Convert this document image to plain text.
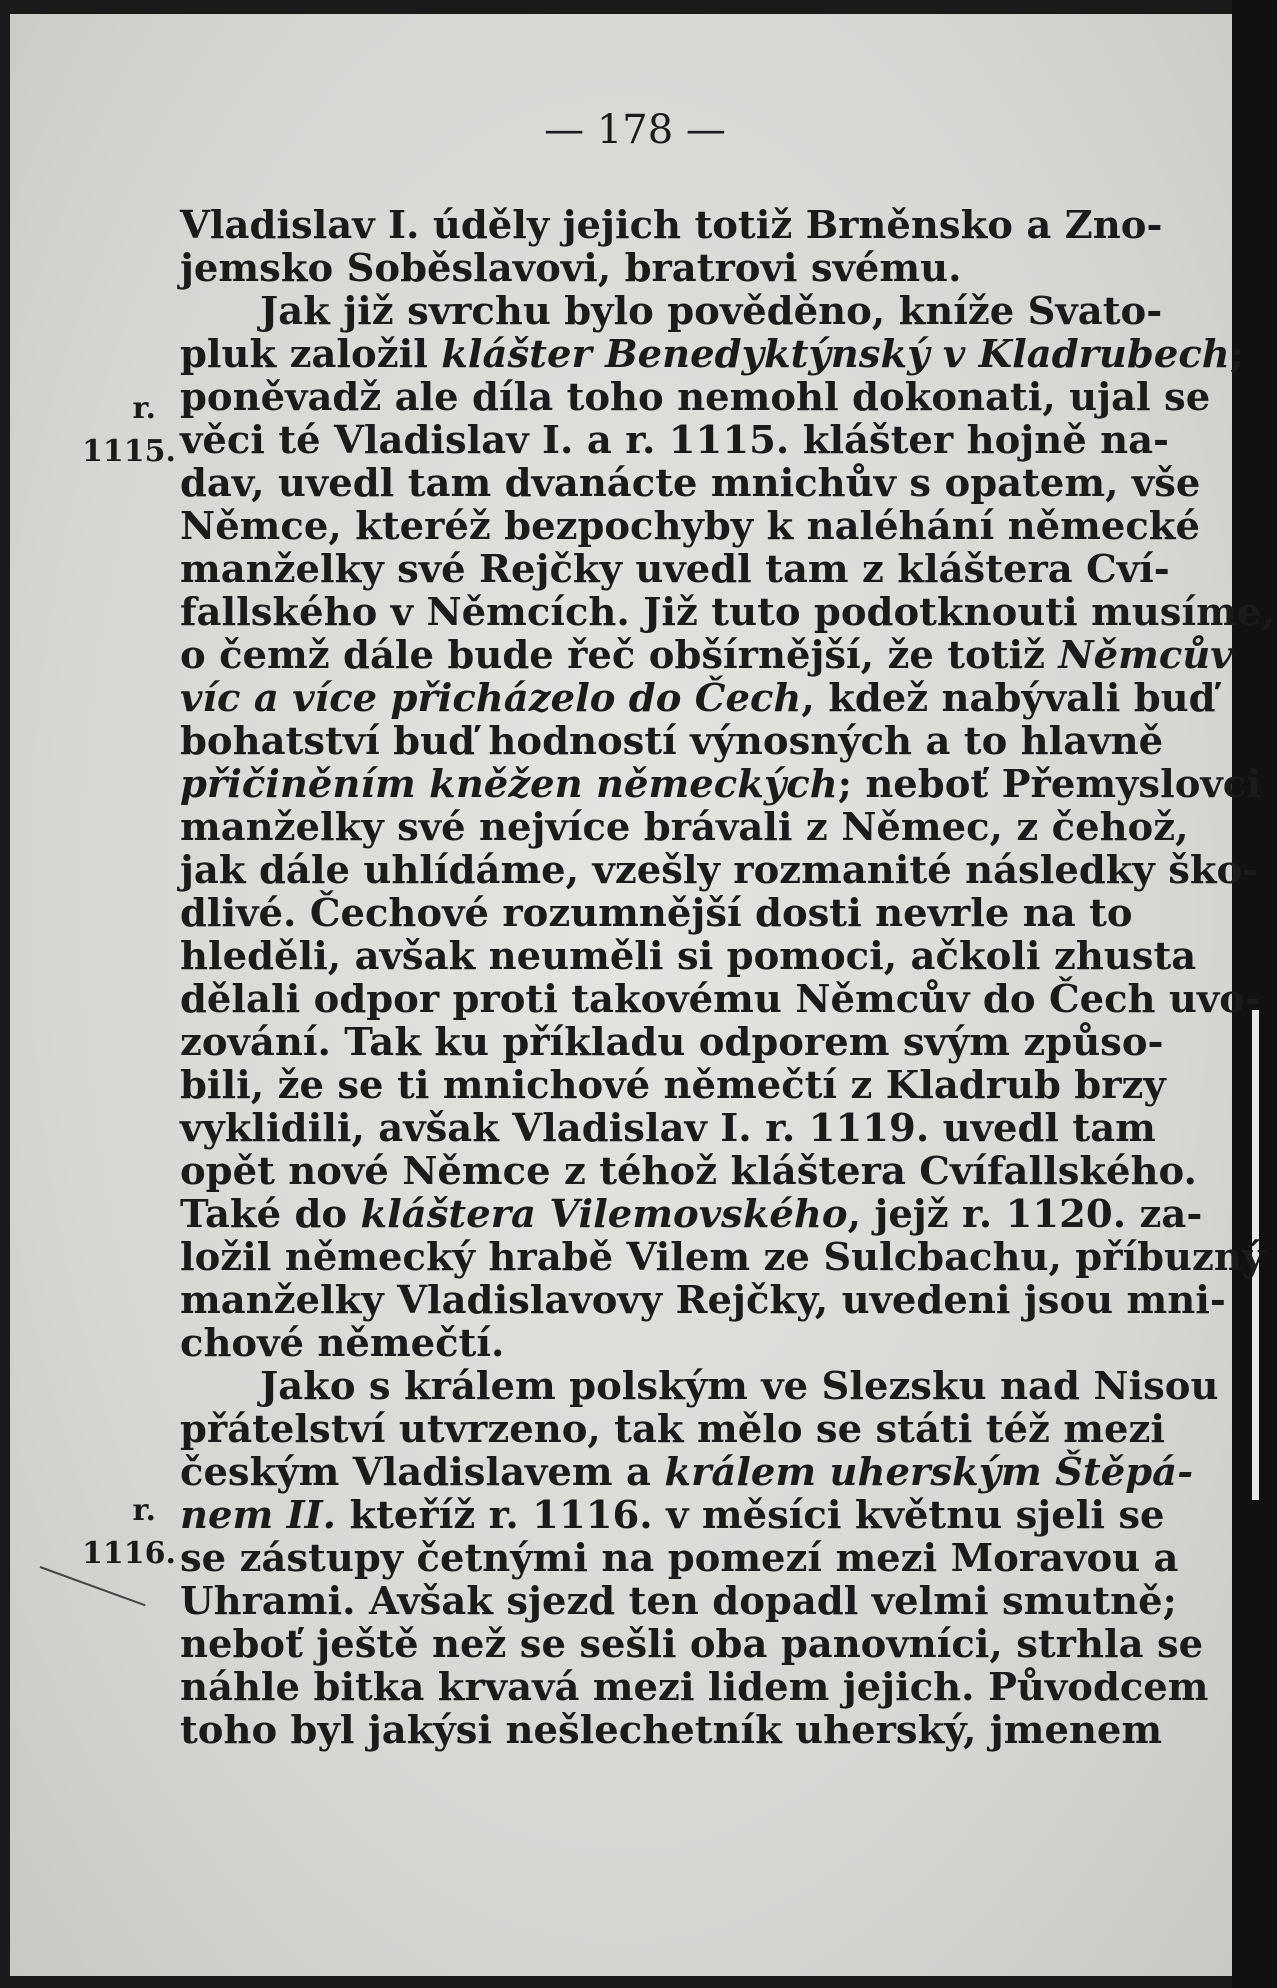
— 178 —
r.
1115.
r.
1116.
Vladislav I. úděly jejich totiž Brněnsko a Zno-
jemsko Soběslavovi, bratrovi svému.
Jak již svrchu bylo pověděno, kníže Svato-
pluk založil klášter Benedyktýnský v Kladrubech;
poněvadž ale díla toho nemohl dokonati, ujal se
věci té Vladislav I. a r. 1115. klášter hojně na-
dav, uvedl tam dvanácte mnichův s opatem, vše
Němce, kteréž bezpochyby k naléhání německé
manželky své Rejčky uvedl tam z kláštera Cví-
fallského v Němcích. Již tuto podotknouti musíme,
o čemž dále bude řeč obšírnější, že totiž Němcův
víc a více přicházelo do Čech, kdež nabývali buď
bohatství buď hodností výnosných a to hlavně
přičiněním kněžen německých; neboť Přemyslovci
manželky své nejvíce brávali z Němec, z čehož,
jak dále uhlídáme, vzešly rozmanité následky ško-
dlivé. Čechové rozumnější dosti nevrle na to
hleděli, avšak neuměli si pomoci, ačkoli zhusta
dělali odpor proti takovému Němcův do Čech uvo-
zování. Tak ku příkladu odporem svým způso-
bili, že se ti mnichové němečtí z Kladrub brzy
vyklidili, avšak Vladislav I. r. 1119. uvedl tam
opět nové Němce z téhož kláštera Cvífallského.
Také do kláštera Vilemovského, jejž r. 1120. za-
ložil německý hrabě Vilem ze Sulcbachu, příbuzný
manželky Vladislavovy Rejčky, uvedeni jsou mni-
chové němečtí.
Jako s králem polským ve Slezsku nad Nisou
přátelství utvrzeno, tak mělo se státi též mezi
českým Vladislavem a králem uherským Štěpá-
nem II. kteříž r. 1116. v měsíci květnu sjeli se
se zástupy četnými na pomezí mezi Moravou a
Uhrami. Avšak sjezd ten dopadl velmi smutně;
neboť ještě než se sešli oba panovníci, strhla se
náhle bitka krvavá mezi lidem jejich. Původcem
toho byl jakýsi nešlechetník uherský, jmenem
